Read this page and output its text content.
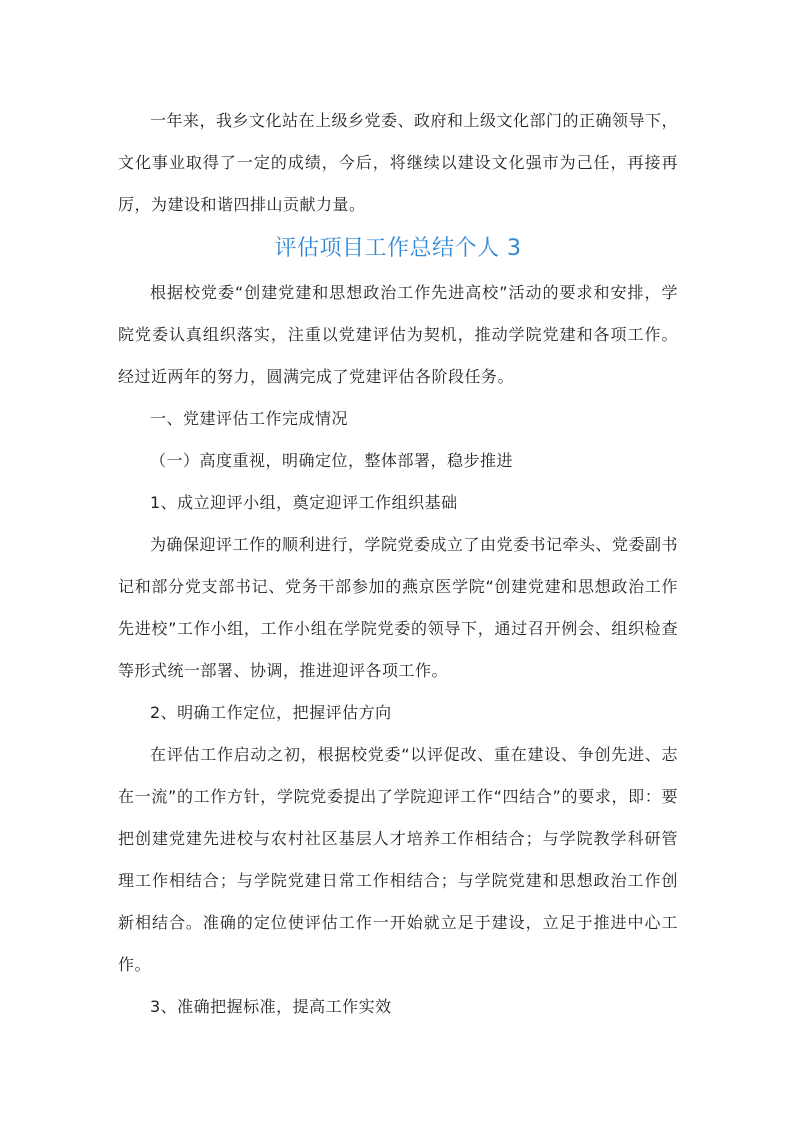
一年来，我乡文化站在上级乡党委、政府和上级文化部门的正确领导下，文化事业取得了一定的成绩，今后，将继续以建设文化强市为己任，再接再厉，为建设和谐四排山贡献力量。

评估项目工作总结个人 3

根据校党委“创建党建和思想政治工作先进高校”活动的要求和安排，学院党委认真组织落实，注重以党建评估为契机，推动学院党建和各项工作。经过近两年的努力，圆满完成了党建评估各阶段任务。

一、党建评估工作完成情况

（一）高度重视，明确定位，整体部署，稳步推进

1、成立迎评小组，奠定迎评工作组织基础

为确保迎评工作的顺利进行，学院党委成立了由党委书记牵头、党委副书记和部分党支部书记、党务干部参加的燕京医学院“创建党建和思想政治工作先进校”工作小组，工作小组在学院党委的领导下，通过召开例会、组织检查等形式统一部署、协调，推进迎评各项工作。

2、明确工作定位，把握评估方向

在评估工作启动之初，根据校党委“以评促改、重在建设、争创先进、志在一流”的工作方针，学院党委提出了学院迎评工作“四结合”的要求，即：要把创建党建先进校与农村社区基层人才培养工作相结合；与学院教学科研管理工作相结合；与学院党建日常工作相结合；与学院党建和思想政治工作创新相结合。准确的定位使评估工作一开始就立足于建设，立足于推进中心工作。

3、准确把握标准，提高工作实效
